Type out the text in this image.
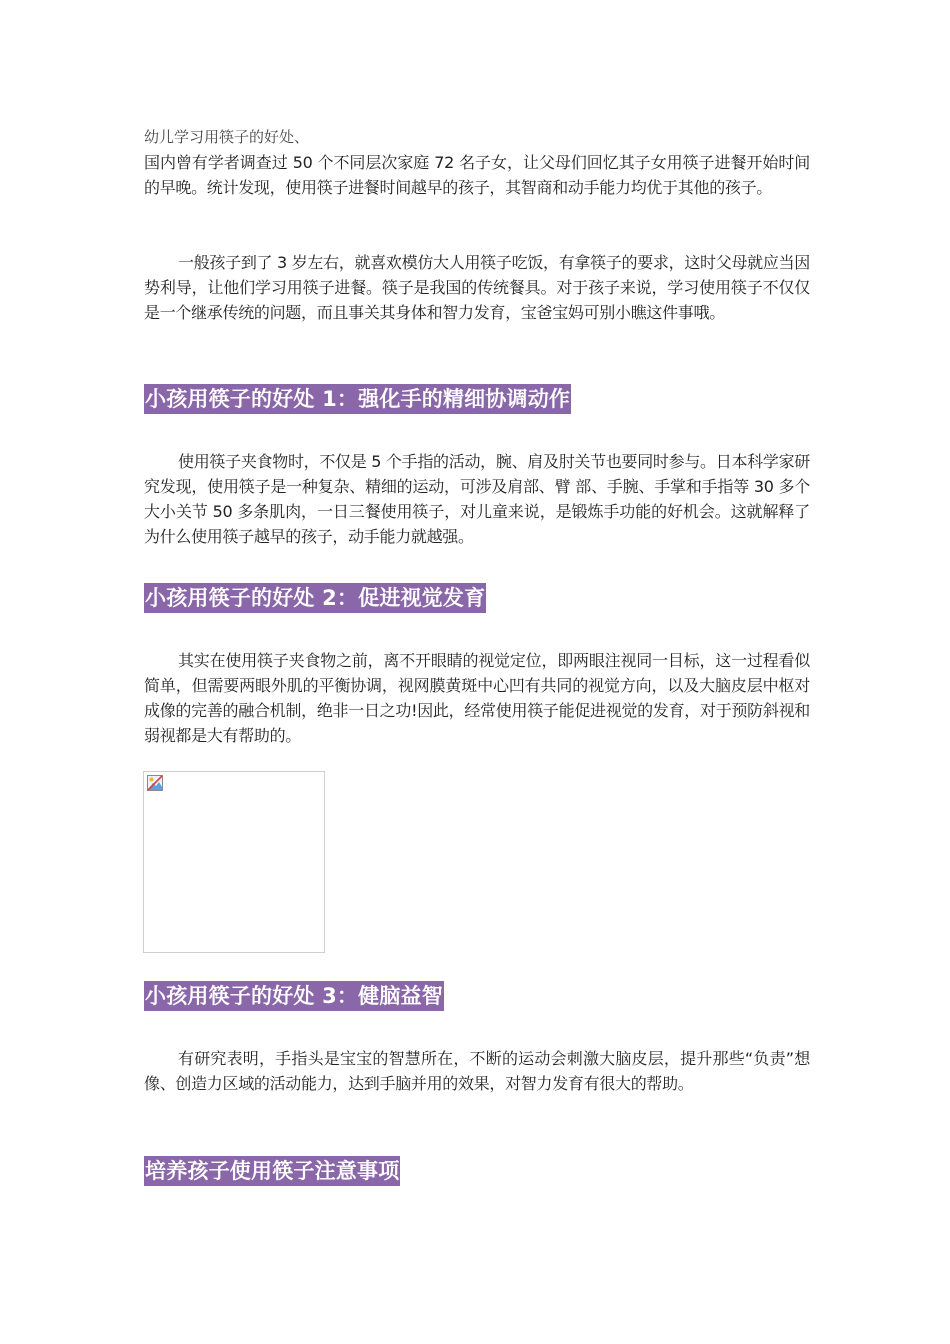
幼儿学习用筷子的好处、

国内曾有学者调查过 50 个不同层次家庭 72 名子女，让父母们回忆其子女用筷子进餐开始时间的早晚。统计发现，使用筷子进餐时间越早的孩子，其智商和动手能力均优于其他的孩子。

一般孩子到了 3 岁左右，就喜欢模仿大人用筷子吃饭，有拿筷子的要求，这时父母就应当因势利导，让他们学习用筷子进餐。筷子是我国的传统餐具。对于孩子来说，学习使用筷子不仅仅是一个继承传统的问题，而且事关其身体和智力发育，宝爸宝妈可别小瞧这件事哦。

小孩用筷子的好处 1：强化手的精细协调动作

使用筷子夹食物时，不仅是 5 个手指的活动，腕、肩及肘关节也要同时参与。日本科学家研究发现，使用筷子是一种复杂、精细的运动，可涉及肩部、臂 部、手腕、手掌和手指等 30 多个大小关节 50 多条肌肉，一日三餐使用筷子，对儿童来说，是锻炼手功能的好机会。这就解释了为什么使用筷子越早的孩子，动手能力就越强。

小孩用筷子的好处 2：促进视觉发育

其实在使用筷子夹食物之前，离不开眼睛的视觉定位，即两眼注视同一目标，这一过程看似简单，但需要两眼外肌的平衡协调，视网膜黄斑中心凹有共同的视觉方向，以及大脑皮层中枢对成像的完善的融合机制，绝非一日之功!因此，经常使用筷子能促进视觉的发育，对于预防斜视和弱视都是大有帮助的。

小孩用筷子的好处 3：健脑益智

有研究表明，手指头是宝宝的智慧所在，不断的运动会刺激大脑皮层，提升那些“负责”想像、创造力区域的活动能力，达到手脑并用的效果，对智力发育有很大的帮助。

培养孩子使用筷子注意事项
